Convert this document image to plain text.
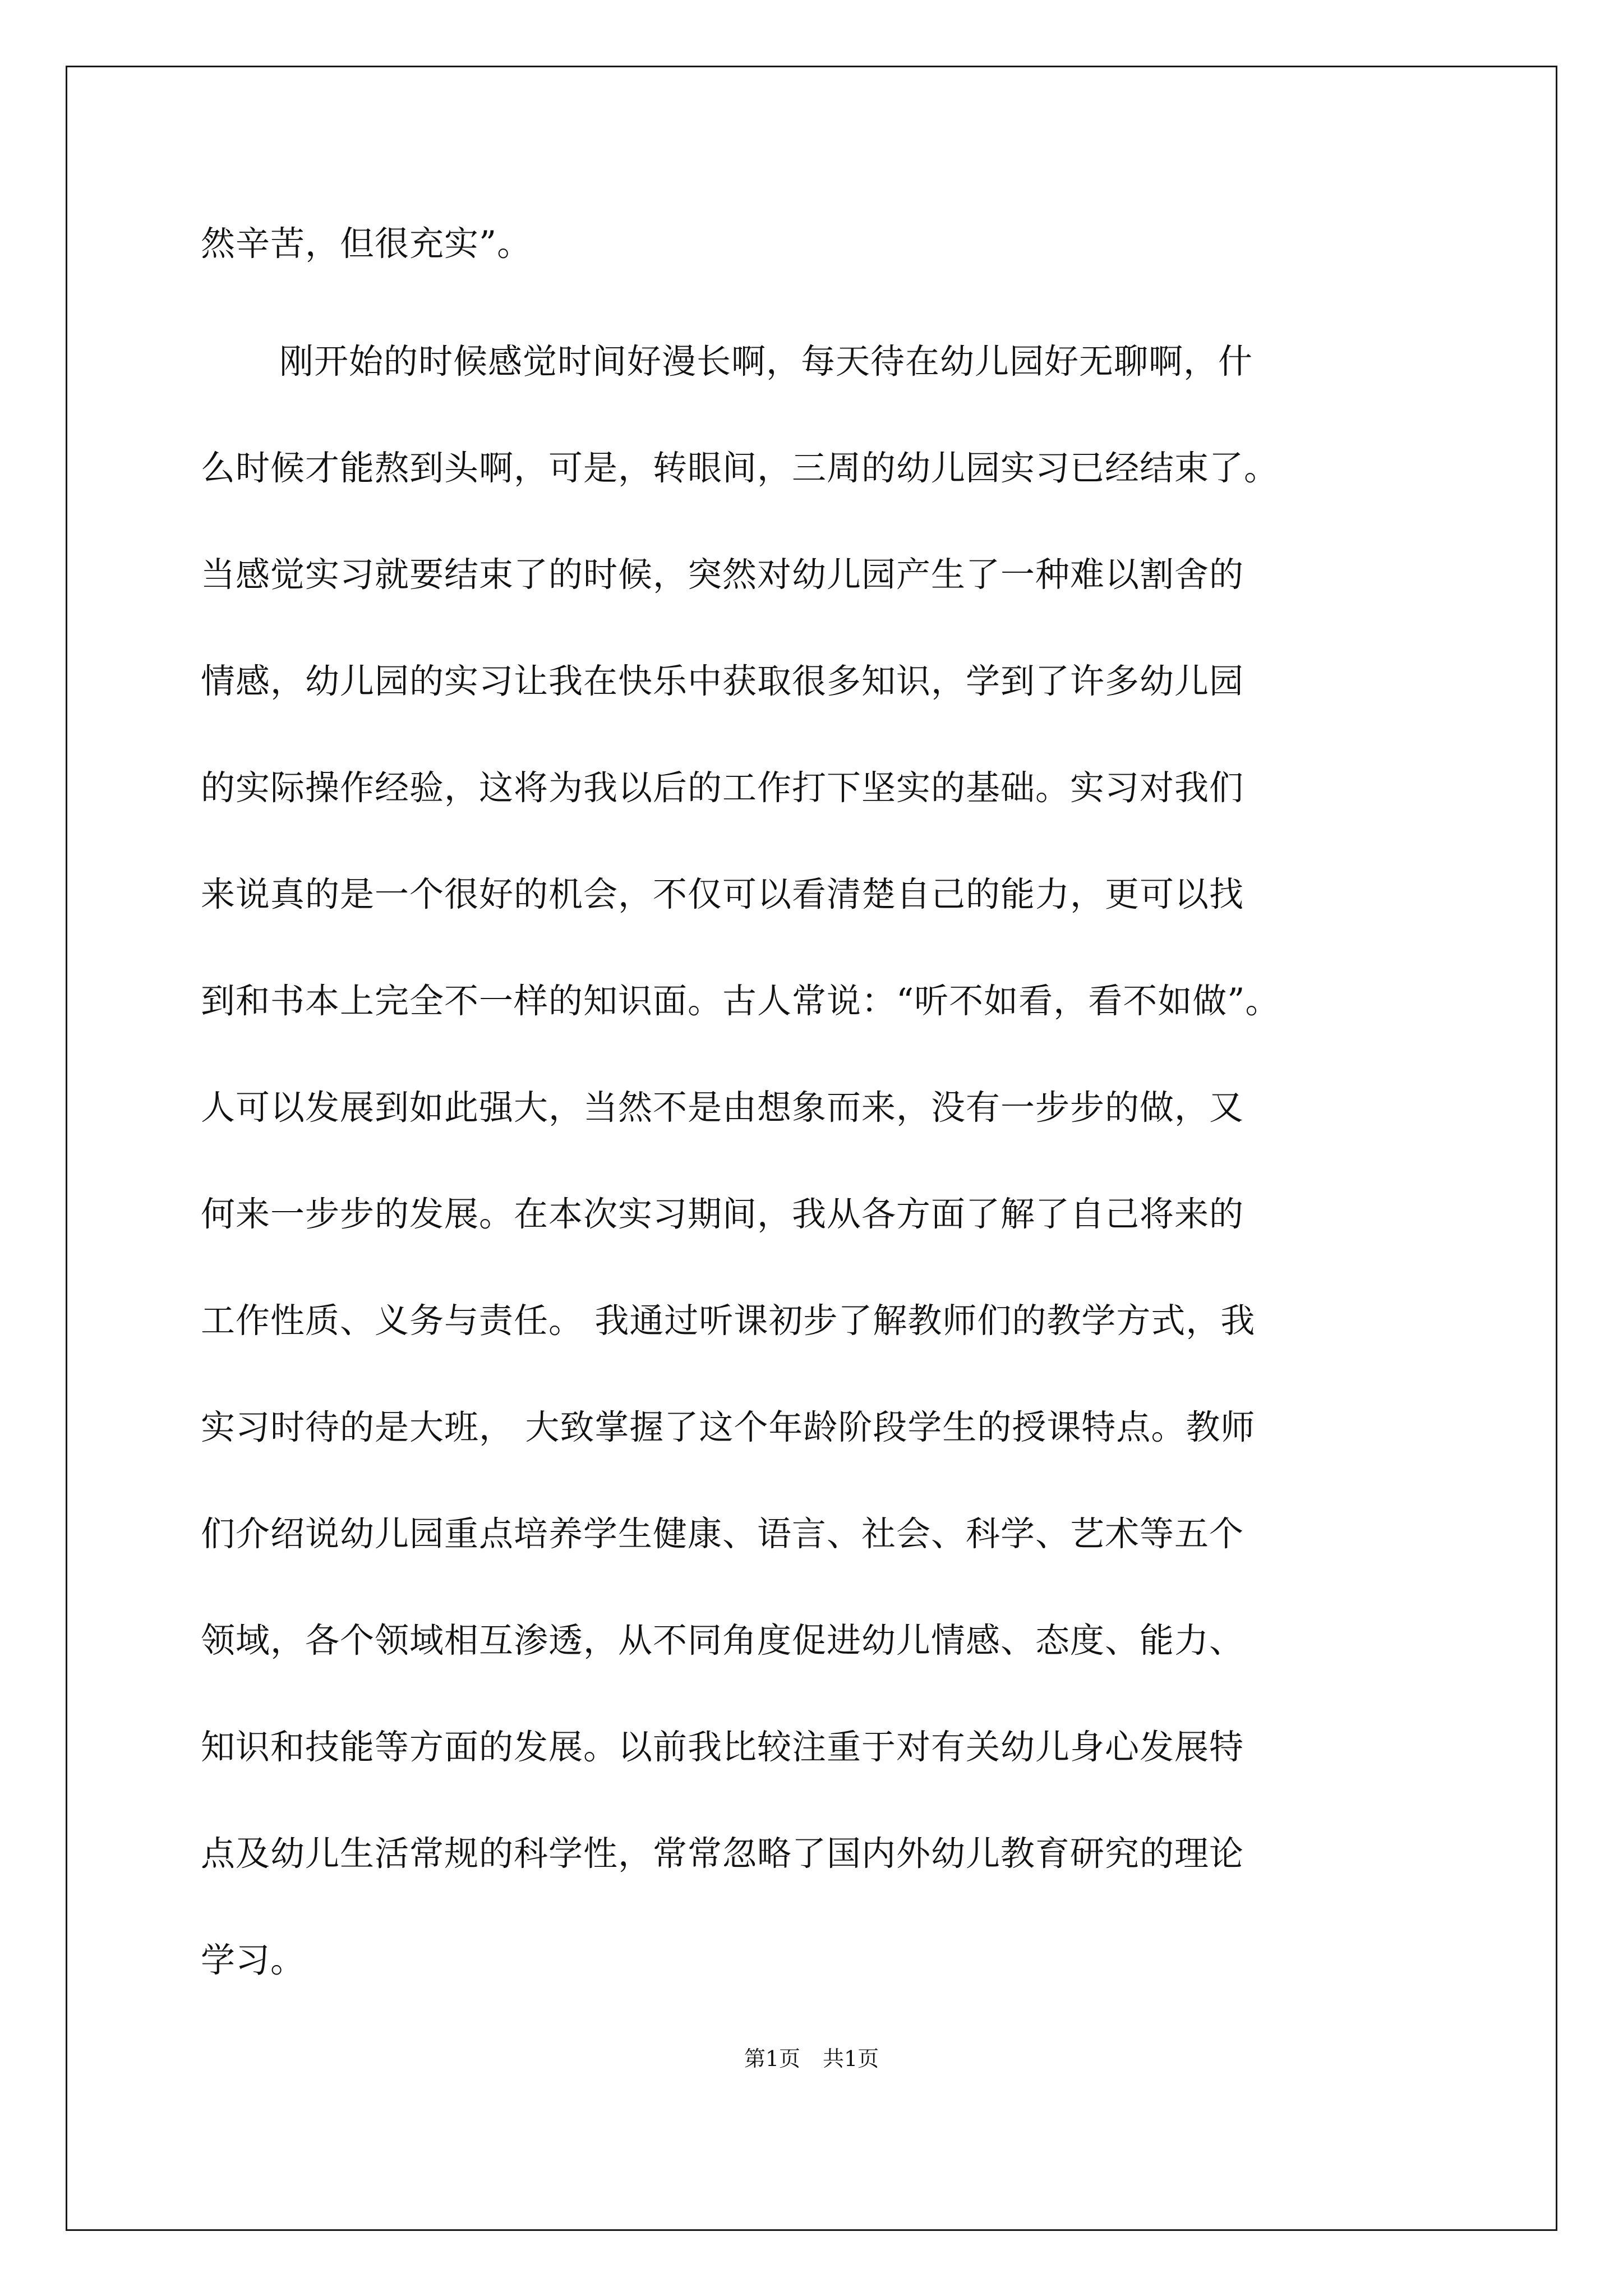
然辛苦，但很充实”。
刚开始的时候感觉时间好漫长啊，每天待在幼儿园好无聊啊，什
么时候才能熬到头啊，可是，转眼间，三周的幼儿园实习已经结束了。
当感觉实习就要结束了的时候，突然对幼儿园产生了一种难以割舍的
情感，幼儿园的实习让我在快乐中获取很多知识，学到了许多幼儿园
的实际操作经验，这将为我以后的工作打下坚实的基础。实习对我们
来说真的是一个很好的机会，不仅可以看清楚自己的能力，更可以找
到和书本上完全不一样的知识面。古人常说：“听不如看，看不如做”。
人可以发展到如此强大，当然不是由想象而来，没有一步步的做，又
何来一步步的发展。在本次实习期间，我从各方面了解了自己将来的
工作性质、义务与责任。 我通过听课初步了解教师们的教学方式，我
实习时待的是大班， 大致掌握了这个年龄阶段学生的授课特点。教师
们介绍说幼儿园重点培养学生健康、语言、社会、科学、艺术等五个
领域，各个领域相互渗透，从不同角度促进幼儿情感、态度、能力、
知识和技能等方面的发展。以前我比较注重于对有关幼儿身心发展特
点及幼儿生活常规的科学性，常常忽略了国内外幼儿教育研究的理论
学习。
第1页 共1页
